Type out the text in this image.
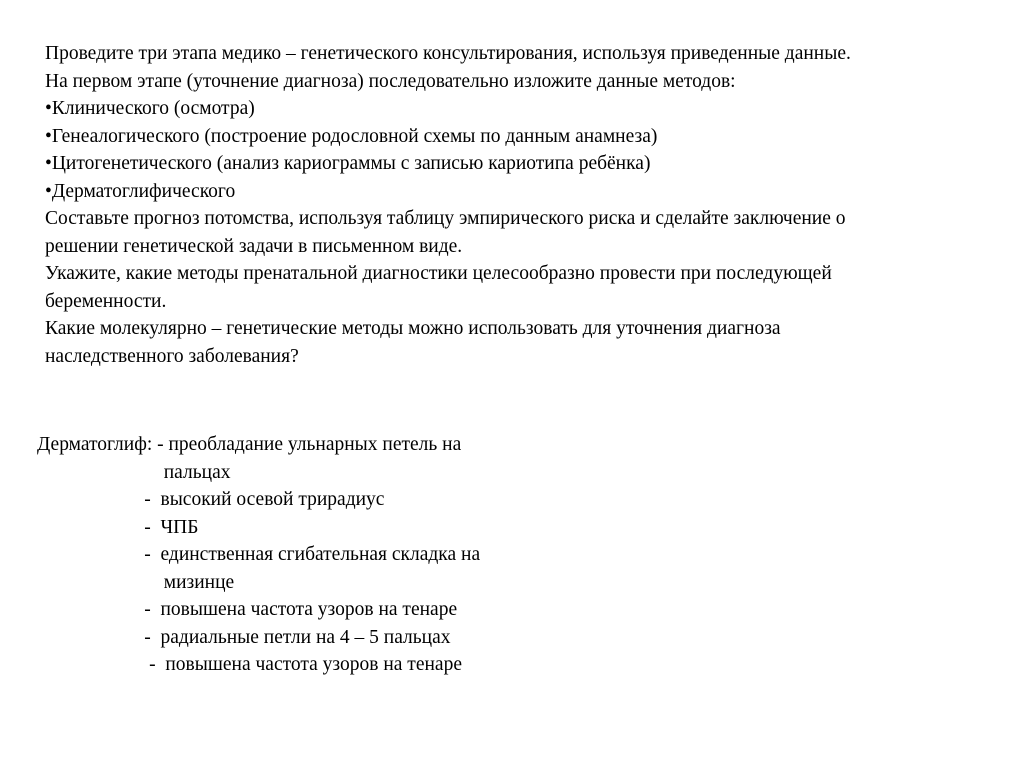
Проведите три этапа медико – генетического консультирования, используя приведенные данные.
На первом этапе (уточнение диагноза) последовательно изложите данные методов:
•Клинического (осмотра)
•Генеалогического (построение родословной схемы по данным анамнеза)
•Цитогенетического (анализ кариограммы с записью кариотипа ребёнка)
•Дерматоглифического
Составьте прогноз потомства, используя таблицу эмпирического риска и сделайте заключение о
решении генетической задачи в письменном виде.
Укажите, какие методы пренатальной диагностики целесообразно провести при последующей
беременности.
Какие молекулярно – генетические методы можно использовать для уточнения диагноза
наследственного заболевания?
Дерматоглиф: - преобладание ульнарных петель на
пальцах
-  высокий осевой трирадиус
-  ЧПБ
-  единственная сгибательная складка на
мизинце
-  повышена частота узоров на тенаре
-  радиальные петли на 4 – 5 пальцах
-  повышена частота узоров на тенаре
